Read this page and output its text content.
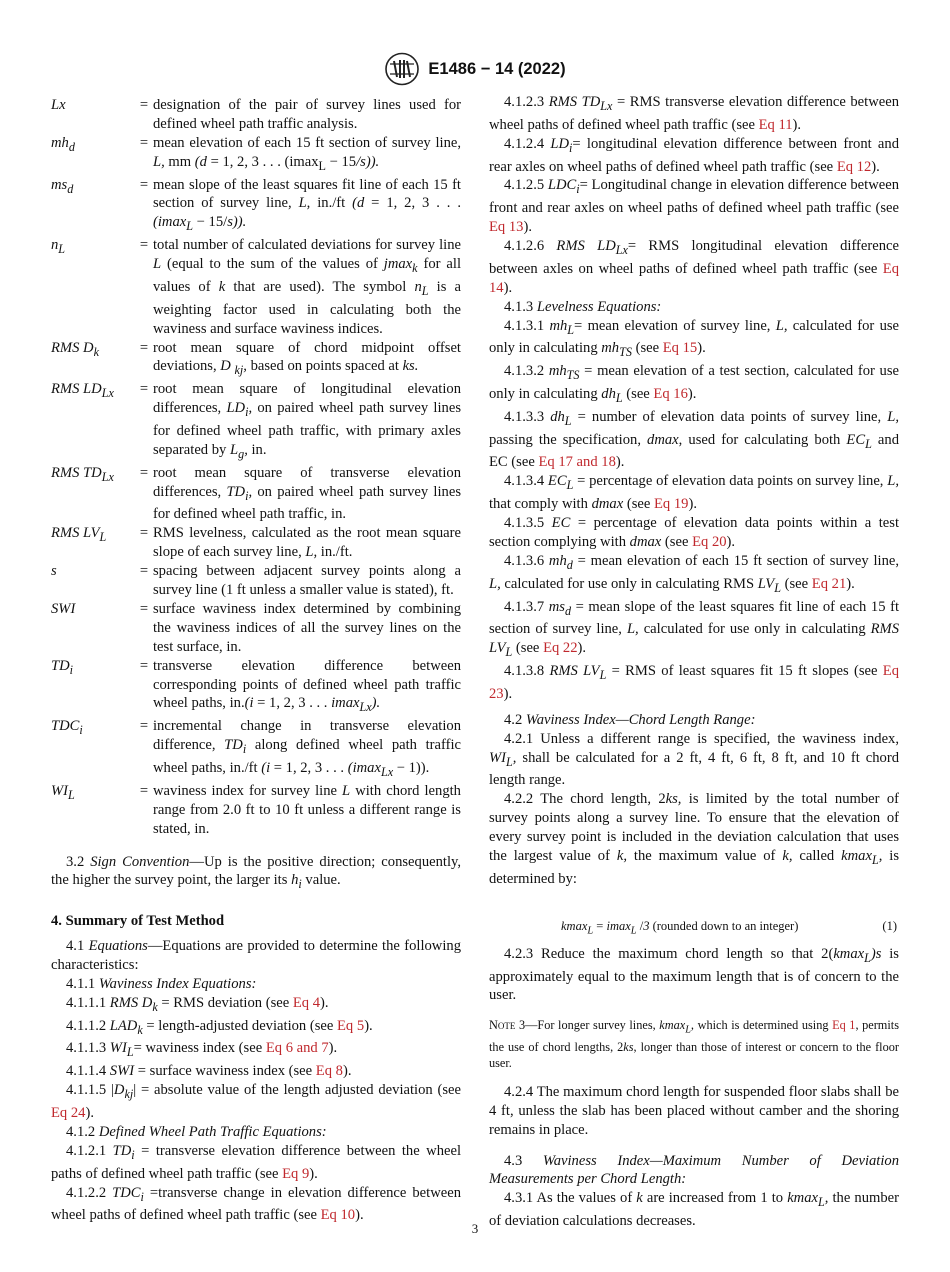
E1486 − 14 (2022)
Lx	= designation of the pair of survey lines used for defined wheel path traffic analysis.
$mh_d$	= mean elevation of each 15 ft section of survey line, L, mm (d = 1, 2, 3 . . . (imax$_L$ − 15/s)).
$ms_d$	= mean slope of the least squares fit line of each 15 ft section of survey line, L, in./ft (d = 1, 2, 3 . . . (imax$_L$ − 15/s)).
$n_L$	= total number of calculated deviations for survey line L (equal to the sum of the values of jmax$_k$ for all values of k that are used). The symbol $n_L$ is a weighting factor used in calculating both the waviness and surface waviness indices.
RMS $D_k$	= root mean square of chord midpoint offset deviations, D $_{kj}$, based on points spaced at ks.
RMS $LD_{Lx}$	= root mean square of longitudinal elevation differences, $LD_i$, on paired wheel path survey lines for defined wheel path traffic, with primary axles separated by $L_g$, in.
RMS $TD_{Lx}$	= root mean square of transverse elevation differences, $TD_i$, on paired wheel path survey lines for defined wheel path traffic, in.
RMS $LV_L$	= RMS levelness, calculated as the root mean square slope of each survey line, L, in./ft.
s	= spacing between adjacent survey points along a survey line (1 ft unless a smaller value is stated), ft.
SWI	= surface waviness index determined by combining the waviness indices of all the survey lines on the test surface, in.
$TD_i$	= transverse elevation difference between corresponding points of defined wheel path traffic wheel paths, in.(i = 1, 2, 3 . . . imax$_{Lx}$).
$TDC_i$	= incremental change in transverse elevation difference, $TD_i$ along defined wheel path traffic wheel paths, in./ft (i = 1, 2, 3 . . . (imax$_{Lx}$ − 1)).
$WI_L$	= waviness index for survey line L with chord length range from 2.0 ft to 10 ft unless a different range is stated, in.

3.2 Sign Convention—Up is the positive direction; consequently, the higher the survey point, the larger its $h_i$ value.

4. Summary of Test Method

4.1 Equations—Equations are provided to determine the following characteristics:

4.1.1 Waviness Index Equations:

4.1.1.1 RMS $D_k$ = RMS deviation (see Eq 4).

4.1.1.2 $LAD_k$ = length-adjusted deviation (see Eq 5).

4.1.1.3 $WI_L=$ waviness index (see Eq 6 and 7).

4.1.1.4 SWI = surface waviness index (see Eq 8).

4.1.1.5 $|D_{kj}|$ = absolute value of the length adjusted deviation (see Eq 24).

4.1.2 Defined Wheel Path Traffic Equations:

4.1.2.1 $TD_i$ = transverse elevation difference between the wheel paths of defined wheel path traffic (see Eq 9).

4.1.2.2 $TDC_i$ =transverse change in elevation difference between wheel paths of defined wheel path traffic (see Eq 10).

4.1.2.3 RMS $TD_{Lx}$ = RMS transverse elevation difference between wheel paths of defined wheel path traffic (see Eq 11).

4.1.2.4 $LD_i=$ longitudinal elevation difference between front and rear axles on wheel paths of defined wheel path traffic (see Eq 12).

4.1.2.5 $LDC_i=$ Longitudinal change in elevation difference between front and rear axles on wheel paths of defined wheel path traffic (see Eq 13).

4.1.2.6 RMS $LD_{Lx}=$ RMS longitudinal elevation difference between axles on wheel paths of defined wheel path traffic (see Eq 14).

4.1.3 Levelness Equations:

4.1.3.1 $mh_L=$ mean elevation of survey line, L, calculated for use only in calculating $mh_{TS}$ (see Eq 15).

4.1.3.2 $mh_{TS}$ = mean elevation of a test section, calculated for use only in calculating $dh_L$ (see Eq 16).

4.1.3.3 $dh_L$ = number of elevation data points of survey line, L, passing the specification, dmax, used for calculating both $EC_L$ and EC (see Eq 17 and 18).

4.1.3.4 $EC_L$ = percentage of elevation data points on survey line, L, that comply with dmax (see Eq 19).

4.1.3.5 EC = percentage of elevation data points within a test section complying with dmax (see Eq 20).

4.1.3.6 $mh_d$ = mean elevation of each 15 ft section of survey line, L, calculated for use only in calculating RMS $LV_L$ (see Eq 21).

4.1.3.7 $ms_d$ = mean slope of the least squares fit line of each 15 ft section of survey line, L, calculated for use only in calculating RMS $LV_L$ (see Eq 22).

4.1.3.8 RMS $LV_L$ = RMS of least squares fit 15 ft slopes (see Eq 23).

4.2 Waviness Index—Chord Length Range:

4.2.1 Unless a different range is specified, the waviness index, $WI_L$, shall be calculated for a 2 ft, 4 ft, 6 ft, 8 ft, and 10 ft chord length range.

4.2.2 The chord length, 2ks, is limited by the total number of survey points along a survey line. To ensure that the elevation of every survey point is included in the deviation calculation that uses the largest value of k, the maximum value of k, called kmax$_L$, is determined by:

kmax$_L$ = imax$_L$ /3 (rounded down to an integer)	(1)

4.2.3 Reduce the maximum chord length so that 2(kmax$_L$)s is approximately equal to the maximum length that is of concern to the user.

Note 3—For longer survey lines, kmax$_L$, which is determined using Eq 1, permits the use of chord lengths, 2ks, longer than those of interest or concern to the floor user.

4.2.4 The maximum chord length for suspended floor slabs shall be 4 ft, unless the slab has been placed without camber and the shoring remains in place.

4.3 Waviness Index—Maximum Number of Deviation Measurements per Chord Length:

4.3.1 As the values of k are increased from 1 to kmax$_L$, the number of deviation calculations decreases.

3
